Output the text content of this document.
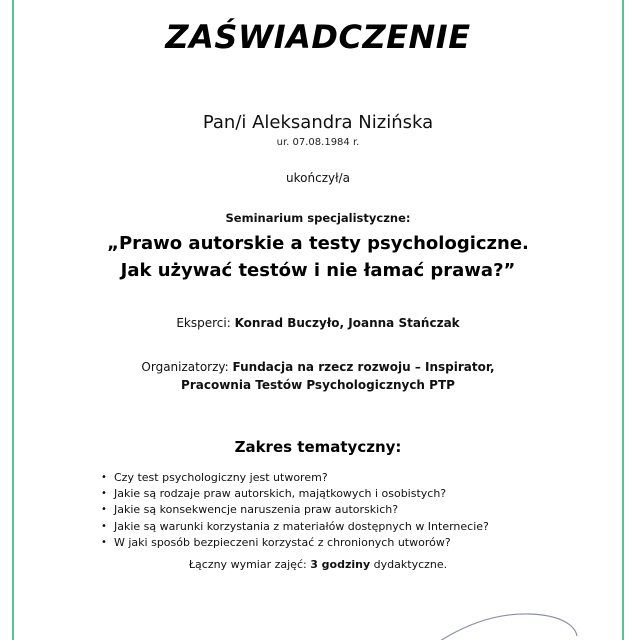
ZAŚWIADCZENIE
Pan/i Aleksandra Nizińska
ur. 07.08.1984 r.
ukończył/a
Seminarium specjalistyczne:
„Prawo autorskie a testy psychologiczne.
Jak używać testów i nie łamać prawa?”
Eksperci: Konrad Buczyło, Joanna Stańczak
Organizatorzy: Fundacja na rzecz rozwoju – Inspirator,
Pracownia Testów Psychologicznych PTP
Zakres tematyczny:
• Czy test psychologiczny jest utworem?
• Jakie są rodzaje praw autorskich, majątkowych i osobistych?
• Jakie są konsekwencje naruszenia praw autorskich?
• Jakie są warunki korzystania z materiałów dostępnych w Internecie?
• W jaki sposób bezpieczeni korzystać z chronionych utworów?
Łączny wymiar zajęć: 3 godziny dydaktyczne.
